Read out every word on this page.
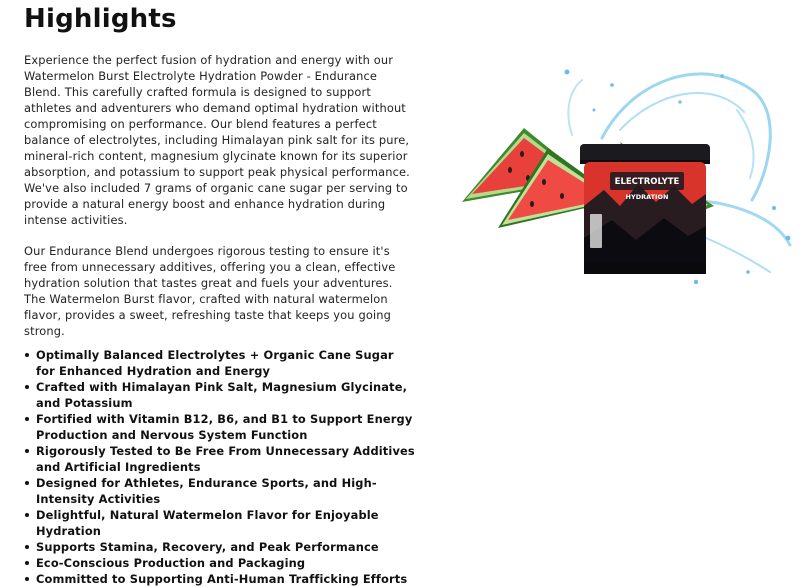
Highlights

Experience the perfect fusion of hydration and energy with our Watermelon Burst Electrolyte Hydration Powder - Endurance Blend. This carefully crafted formula is designed to support athletes and adventurers who demand optimal hydration without compromising on performance. Our blend features a perfect balance of electrolytes, including Himalayan pink salt for its pure, mineral-rich content, magnesium glycinate known for its superior absorption, and potassium to support peak physical performance. We've also included 7 grams of organic cane sugar per serving to provide a natural energy boost and enhance hydration during intense activities.

Our Endurance Blend undergoes rigorous testing to ensure it's free from unnecessary additives, offering you a clean, effective hydration solution that tastes great and fuels your adventures. The Watermelon Burst flavor, crafted with natural watermelon flavor, provides a sweet, refreshing taste that keeps you going strong.

Optimally Balanced Electrolytes + Organic Cane Sugar for Enhanced Hydration and Energy
Crafted with Himalayan Pink Salt, Magnesium Glycinate, and Potassium
Fortified with Vitamin B12, B6, and B1 to Support Energy Production and Nervous System Function
Rigorously Tested to Be Free From Unnecessary Additives and Artificial Ingredients
Designed for Athletes, Endurance Sports, and High-Intensity Activities
Delightful, Natural Watermelon Flavor for Enjoyable Hydration
Supports Stamina, Recovery, and Peak Performance
Eco-Conscious Production and Packaging
Committed to Supporting Anti-Human Trafficking Efforts
ELECTROLYTE
HYDRATION
